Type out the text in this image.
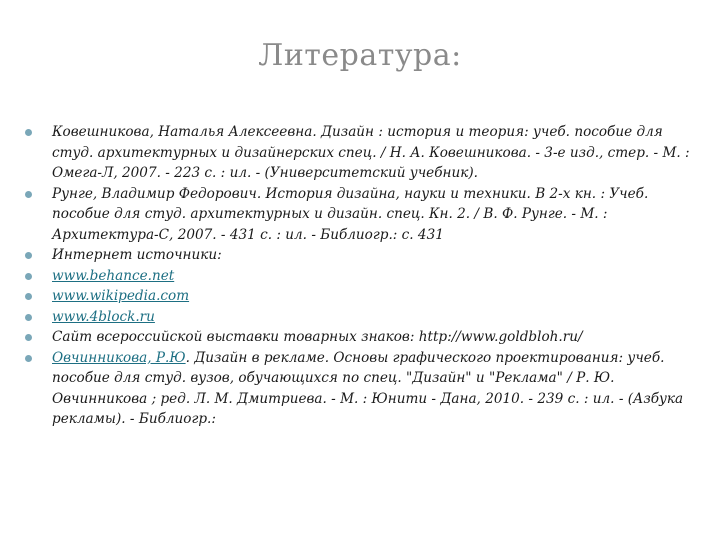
Литература:
Ковешникова, Наталья Алексеевна. Дизайн : история и теория: учеб. пособие для студ. архитектурных и дизайнерских спец. / Н. А. Ковешникова. - 3-е изд., стер. - М. : Омега-Л, 2007. - 223 с. : ил. - (Университетский учебник).
Рунге, Владимир Федорович. История дизайна, науки и техники. В 2-х кн. : Учеб. пособие для студ. архитектурных и дизайн. спец. Кн. 2. / В. Ф. Рунге. - М. : Архитектура-С, 2007. - 431 с. : ил. - Библиогр.: с. 431
Интернет источники:
www.behance.net
www.wikipedia.com
www.4block.ru
Сайт всероссийской выставки товарных знаков: http://www.goldbloh.ru/
Овчинникова, Р.Ю. Дизайн в рекламе. Основы графического проектирования: учеб. пособие для студ. вузов, обучающихся по спец. "Дизайн" и "Реклама" / Р. Ю. Овчинникова ; ред. Л. М. Дмитриева. - М. : Юнити - Дана, 2010. - 239 с. : ил. - (Азбука рекламы). - Библиогр.:
